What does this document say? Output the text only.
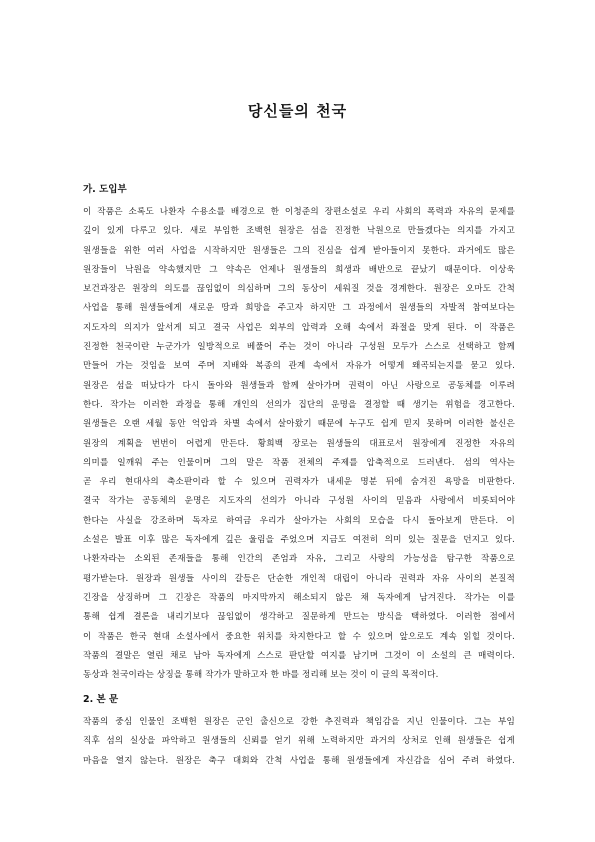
당신들의 천국
가. 도입부
이 작품은 소록도 나환자 수용소를 배경으로 한 이청준의 장편소설로 우리 사회의 폭력과 자유의 문제를
깊이 있게 다루고 있다. 새로 부임한 조백헌 원장은 섬을 진정한 낙원으로 만들겠다는 의지를 가지고
원생들을 위한 여러 사업을 시작하지만 원생들은 그의 진심을 쉽게 받아들이지 못한다. 과거에도 많은
원장들이 낙원을 약속했지만 그 약속은 언제나 원생들의 희생과 배반으로 끝났기 때문이다. 이상욱
보건과장은 원장의 의도를 끊임없이 의심하며 그의 동상이 세워질 것을 경계한다. 원장은 오마도 간척
사업을 통해 원생들에게 새로운 땅과 희망을 주고자 하지만 그 과정에서 원생들의 자발적 참여보다는
지도자의 의지가 앞서게 되고 결국 사업은 외부의 압력과 오해 속에서 좌절을 맞게 된다. 이 작품은
진정한 천국이란 누군가가 일방적으로 베풀어 주는 것이 아니라 구성원 모두가 스스로 선택하고 함께
만들어 가는 것임을 보여 주며 지배와 복종의 관계 속에서 자유가 어떻게 왜곡되는지를 묻고 있다.
원장은 섬을 떠났다가 다시 돌아와 원생들과 함께 살아가며 권력이 아닌 사랑으로 공동체를 이루려
한다. 작가는 이러한 과정을 통해 개인의 선의가 집단의 운명을 결정할 때 생기는 위험을 경고한다.
원생들은 오랜 세월 동안 억압과 차별 속에서 살아왔기 때문에 누구도 쉽게 믿지 못하며 이러한 불신은
원장의 계획을 번번이 어렵게 만든다. 황희백 장로는 원생들의 대표로서 원장에게 진정한 자유의
의미를 일깨워 주는 인물이며 그의 말은 작품 전체의 주제를 압축적으로 드러낸다. 섬의 역사는
곧 우리 현대사의 축소판이라 할 수 있으며 권력자가 내세운 명분 뒤에 숨겨진 욕망을 비판한다.
결국 작가는 공동체의 운명은 지도자의 선의가 아니라 구성원 사이의 믿음과 사랑에서 비롯되어야
한다는 사실을 강조하며 독자로 하여금 우리가 살아가는 사회의 모습을 다시 돌아보게 만든다. 이
소설은 발표 이후 많은 독자에게 깊은 울림을 주었으며 지금도 여전히 의미 있는 질문을 던지고 있다.
나환자라는 소외된 존재들을 통해 인간의 존엄과 자유, 그리고 사랑의 가능성을 탐구한 작품으로
평가받는다. 원장과 원생들 사이의 갈등은 단순한 개인적 대립이 아니라 권력과 자유 사이의 본질적
긴장을 상징하며 그 긴장은 작품의 마지막까지 해소되지 않은 채 독자에게 남겨진다. 작가는 이를
통해 쉽게 결론을 내리기보다 끊임없이 생각하고 질문하게 만드는 방식을 택하였다. 이러한 점에서
이 작품은 한국 현대 소설사에서 중요한 위치를 차지한다고 할 수 있으며 앞으로도 계속 읽힐 것이다.
작품의 결말은 열린 채로 남아 독자에게 스스로 판단할 여지를 남기며 그것이 이 소설의 큰 매력이다.
동상과 천국이라는 상징을 통해 작가가 말하고자 한 바를 정리해 보는 것이 이 글의 목적이다.
2. 본 문
작품의 중심 인물인 조백헌 원장은 군인 출신으로 강한 추진력과 책임감을 지닌 인물이다. 그는 부임
직후 섬의 실상을 파악하고 원생들의 신뢰를 얻기 위해 노력하지만 과거의 상처로 인해 원생들은 쉽게
마음을 열지 않는다. 원장은 축구 대회와 간척 사업을 통해 원생들에게 자신감을 심어 주려 하였다.
